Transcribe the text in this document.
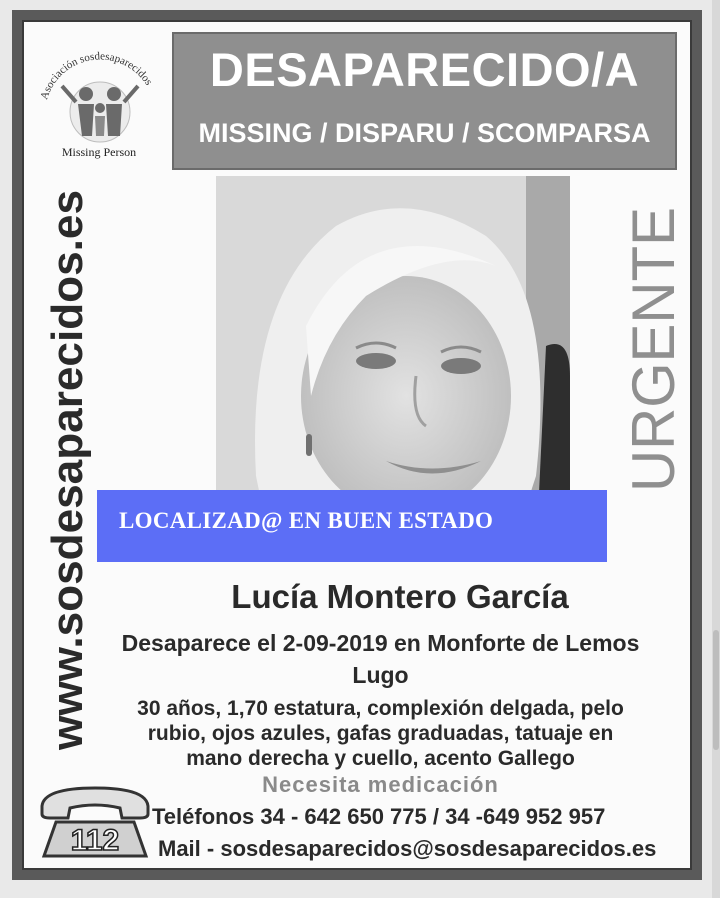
Asociación sosdesaparecidos
Missing Person
DESAPARECIDO/A
MISSING / DISPARU / SCOMPARSA
www.sosdesaparecidos.es	URGENTE
LOCALIZAD@ EN BUEN ESTADO
Lucía Montero García
Desaparece el 2-09-2019 en Monforte de Lemos
Lugo
30 años, 1,70 estatura, complexión delgada, pelo
rubio, ojos azules, gafas graduadas, tatuaje en
mano derecha y cuello, acento Gallego
Necesita medicación
112
Teléfonos 34 - 642 650 775 / 34 -649 952 957
Mail - sosdesaparecidos@sosdesaparecidos.es
